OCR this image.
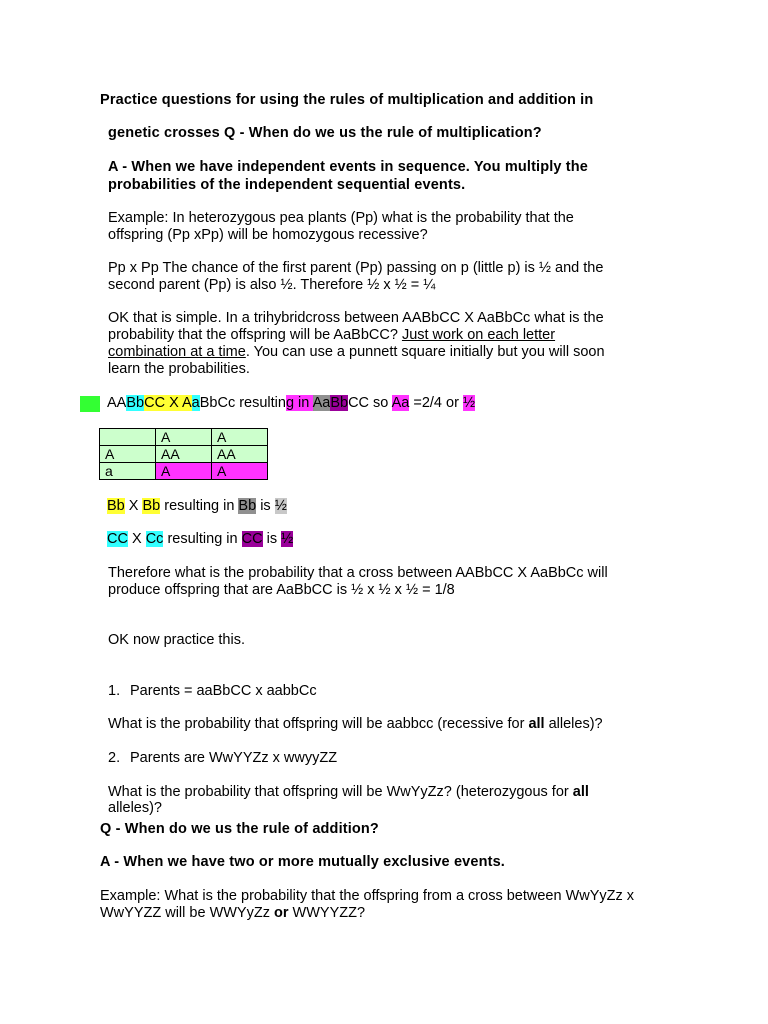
Practice questions for using the rules of multiplication and addition in
genetic crosses Q - When do we us the rule of multiplication?
A - When we have independent events in sequence. You multiply the
probabilities of the independent sequential events.
Example: In heterozygous pea plants (Pp) what is the probability that the
offspring (Pp xPp) will be homozygous recessive?
Pp x Pp The chance of the first parent (Pp) passing on p (little p) is ½ and the
second parent (Pp) is also ½. Therefore ½ x ½ = ¼
OK that is simple. In a trihybridcross between AABbCC X AaBbCc what is the
probability that the offspring will be AaBbCC? Just work on each letter
combination at a time. You can use a punnett square initially but you will soon
learn the probabilities.
AABbCC X AaBbCc resulting in AaBbCC so Aa =2/4 or ½
	A	A
A	AA	AA
a	A	A
Bb X Bb resulting in Bb is ½
CC X Cc resulting in CC is ½
Therefore what is the probability that a cross between AABbCC X AaBbCc will
produce offspring that are AaBbCC is ½ x ½ x ½ = 1/8
OK now practice this.
1. Parents = aaBbCC x aabbCc
What is the probability that offspring will be aabbcc (recessive for all alleles)?
2. Parents are WwYYZz x wwyyZZ
What is the probability that offspring will be WwYyZz? (heterozygous for all
alleles)?
Q - When do we us the rule of addition?
A - When we have two or more mutually exclusive events.
Example: What is the probability that the offspring from a cross between WwYyZz x
WwYYZZ will be WWYyZz or WWYYZZ?
